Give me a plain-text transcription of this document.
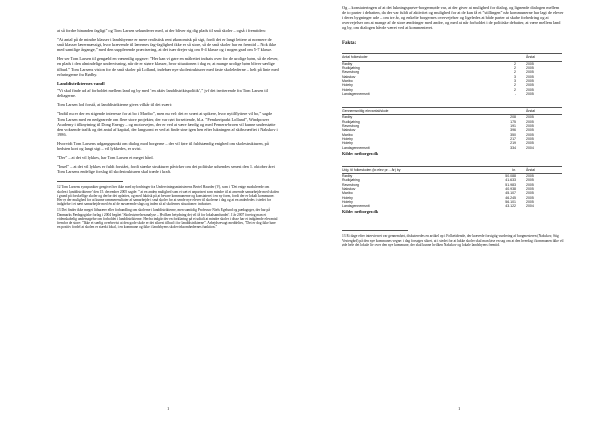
at så fordre hinanden fagligt” og Tom Larsen sekunderer med, at der bliver rig dig plads til små skoler – også i fremtiden:

”At antal på de mindre klasser i landsbyerne er mere realistisk rent økonomisk på sigt, fordi det er langt lettere at normere de små klasser lærermæssigt, hvor krævende til lærernes fag-faglighed ikke er så store, så de små skoler har en fremtid – Nok ikke med samtlige årgange,” med den supplerende præcisering, at det især drejer sig om 0-4 klasse og i nogen grad om 5-7 klasse.

Her ser Tom Larsen til gengæld en væsentlig opgave: ”Her kan vi gøre en målrettet indsats over for de urolige børn, så de elever, en plads i den almindelige undervisning, når de er større klasser, hvor situationen i dag er, at mange urolige børn bliver særlige tilbud.” Tom Larsens vision for de små skoler på Lolland, indebær nye skolestrukturer med faste skolelederne – helt på linie med erfaringerne fra Rødby.

Landdistrikternes vandl

”Vi skal finde ud af forholdet mellem land og by med ’en aktiv landdistriktspolitik’,” jvf det inviterende fra Tom Larsen til deltagerne.

Tom Larsen lod forstå, at landdistrikterne gives vilkår til det svært:

”Indtil nu er der en stigende interesse for at bo i Maribo”, men nu vel: det er svært at spikere, hvor nytilflyttere vil bo,” sagde Tom Larsen med en nedgearede om flere store projekter, der var rørt forsettende, bl.a. ”Femkertparkt Lolland”, Windpower Academy i tilknytning til Dong Energy – og motorvejen, der er ved at være færdig og med Femern-broen vil kunne understøtte den voksende trafik og det antal af kapital, der langsomt er ved at finde sine igen hen efter lukningen af skibsværftet i Nakskov i 1986.

Hvorvidt Tom Larsens udgangspunkt om dialog mod borgerne – der vil føre til fuldstændig enighed om skolestrukturen, på bedsten kort og langt sigt – vil lykkedes, er uvist.

”Der” – at det vil lykkes, har Tom Larsen et meget hård.

”Insel” – at det vil lykkes er fuldt forstået, fordi stærke strukturer påvirker om det politiske udsendes senest den 1. oktober året Tom Larsens endelige forslag til skolestrukturen skal træde i kraft.

12 Tom Larsens synspunkter gengivet her ikke med nyfordringer fra Underviningsministerens Bertel Haarder (V), som i ’Det enige modulerede om skolen i landdistrikterne’ den 15. december 2005 sagde: ” at en anden mulighed som et sæt et anpartseri som mindre til at anvende samarbejde med skolen i grund på forskellige skoler og derfor det opfattes, og med faktisk på at bevare kommunerne og konstateret i en ny form, fordi der er lokalt kommuner. Her er der mulighed for at kunne rammeresultater af samarbejde i små skoler for at sende nye elever til skolerne i dag og at en anderledes i stedet for indgåelse i et nært samarbejde med én af de nuværende slags og inden så af skolernes situationer: indsatser.

13 Det finder ikke meget lithuræer eller forhandling om skolerne i landdistrikterne, men samtidig Professor Niels Egelund og pædagoger, der har på Danmarks Pædagogiske forlag i 2004 begået ’Skolestørrelsesanalyse – Hvilken betydning det vil få for lokalsamfundet’. I år 2007 foretog man et videnskabelig undersøgelse om forholdet i landdistrikterne. Herfra indgår der en forklaring på et udtalt at mindre skoler i disse har et indgående elevantal fremfor de store: ”Ikke et særlig overbevist at den gode skole er det sikrest tilbud i for landdistrikterne”. Arbejdsrevagt meddeltes, ”Det er dog ikke bare en positiv fordel at skolen er stærkt lokal, i en kommune og ikke i landsbyens skolevirksomhedernes funktion.”

1

Og – konstateringen af at det lukningsprøve-borgermøde var, at der giver at mulighed for dialog, og lignende dialogen mellem de to parter i debatten, da der var fuldt af aktivitet og mulighed for at de kan få et ”stillingen” når kommunerne har lagt de elever i deres bygninger ude – om tre år, og enkelte borgernes overvejelser og ligeledes at både parter at skabe forbedring og at overvejelser om at mange af de store ændringer med andre, og med at når forholdet i de politiske debatter, at være mellem land og by, om dialogen håvde været ved at kommenteret.

Fakta:
Antal folkeskoler		Årstal
Rødby	2	2005
Rudkjøbing	2	2005
Ravnsborg	2	2005
Nakskov	3	2005
Maribo	3	2005
Holeby	2	2005
Holeby	2	2005
Landsgennemsnit	-	2005
Gennemsnitlig elevantal/skole		Årstal
Rødby	208	2005
Rudkjøbing	175	2005
Ravnsborg	191	2005
Nakskov	396	2005
Maribo	350	2005
Holeby	217	2005
Holeby	219	2005
Landsgennemsnit	334	2004
Kilde: netborger.dk
Udg. til folkeskolen (kr.elev pr. - år) by	kr.	Årstal
Rødby	50.088	2005
Rudkjøbing	41.633	2005
Ravnsborg	51.983	2005
Nakskov	40.938	2005
Maribo	45.107	2005
Holeby	46.245	2005
Holeby	56.101	2005
Landsgennemsnit	43.122	2004
Kilde: netborger.dk

13 Et dage efter interviewet var gennemført, diskuteredes en artikel op i Folketidende, der krævede forsigtig vurdering af borgmesteren (Nakskov, Stig Vestergård) på den nye kommunes vegne: i dag forsøges sikret, at i stedet for at lukke skoler skal man løse en sag om at den hverdag i kommunen ikke vil øde hele det lokale liv over den nye kommune, der skal kunne hvilken Nakskov og lokale landsbyens fremtid.

1
